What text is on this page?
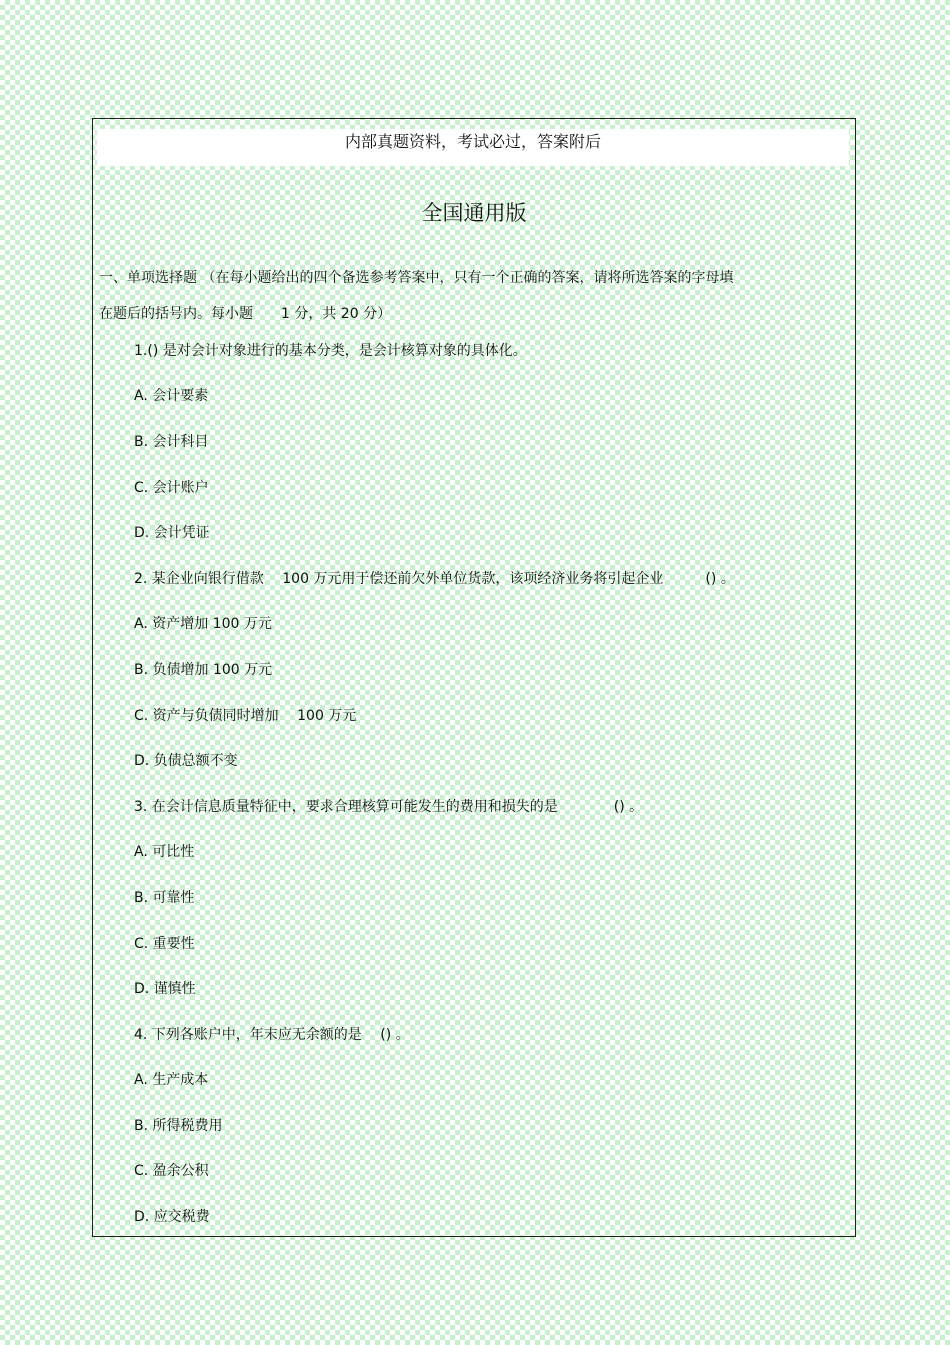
内部真题资料，考试必过，答案附后
全国通用版
一、单项选择题 （在每小题给出的四个备选参考答案中，只有一个正确的答案，请将所选答案的字母填
在题后的括号内。每小题　　1 分，共 20 分）
1.() 是对会计对象进行的基本分类，是会计核算对象的具体化。
A. 会计要素
B. 会计科目
C. 会计账户
D. 会计凭证
2. 某企业向银行借款　 100 万元用于偿还前欠外单位货款，该项经济业务将引起企业　　　() 。
A. 资产增加 100 万元
B. 负债增加 100 万元
C. 资产与负债同时增加　 100 万元
D. 负债总额不变
3. 在会计信息质量特征中，要求合理核算可能发生的费用和损失的是　　　　() 。
A. 可比性
B. 可靠性
C. 重要性
D. 谨慎性
4. 下列各账户中，年末应无余额的是　 () 。
A. 生产成本
B. 所得税费用
C. 盈余公积
D. 应交税费
